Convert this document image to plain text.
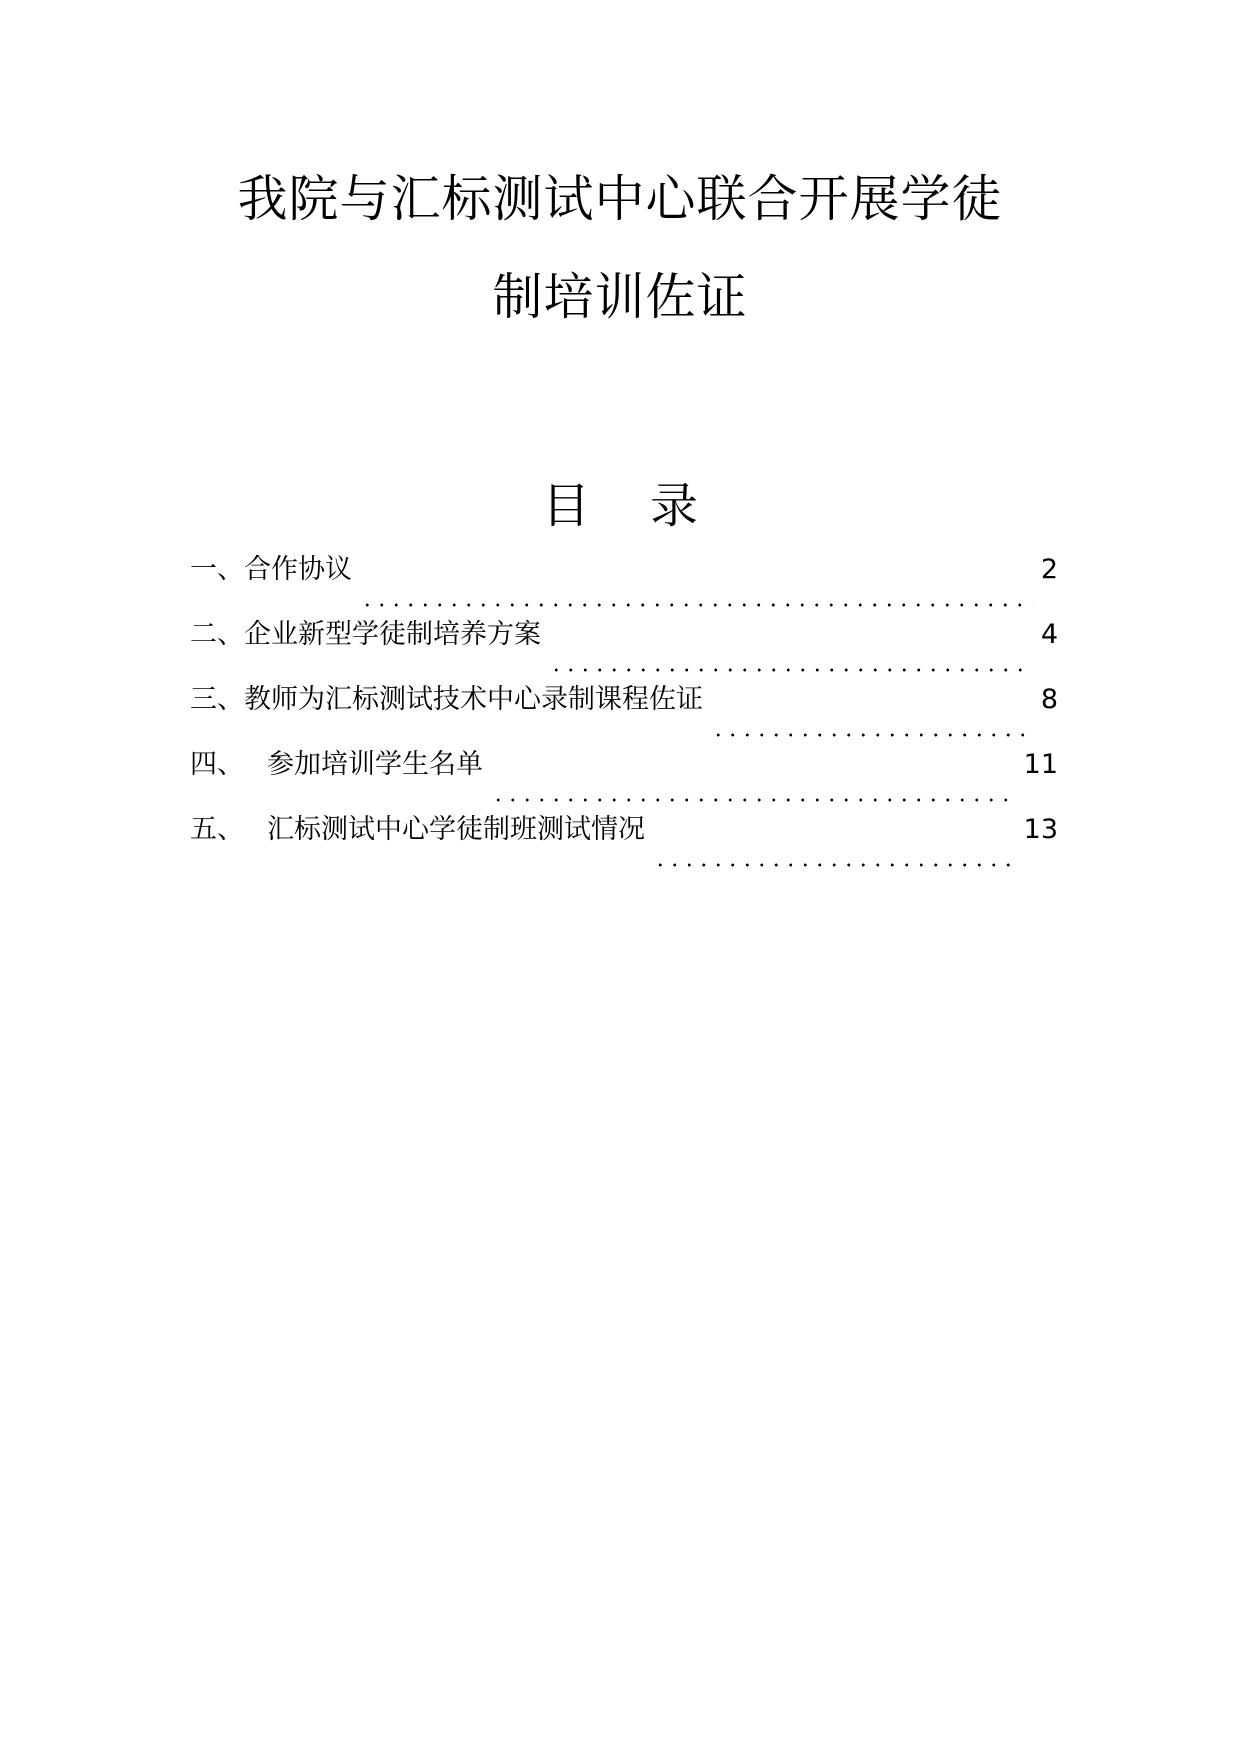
我院与汇标测试中心联合开展学徒
制培训佐证
目 录
一、 合作协议	2
二、 企业新型学徒制培养方案	4
三、 教师为汇标测试技术中心录制课程佐证	8
四、 参加培训学生名单	11
五、 汇标测试中心学徒制班测试情况	13
